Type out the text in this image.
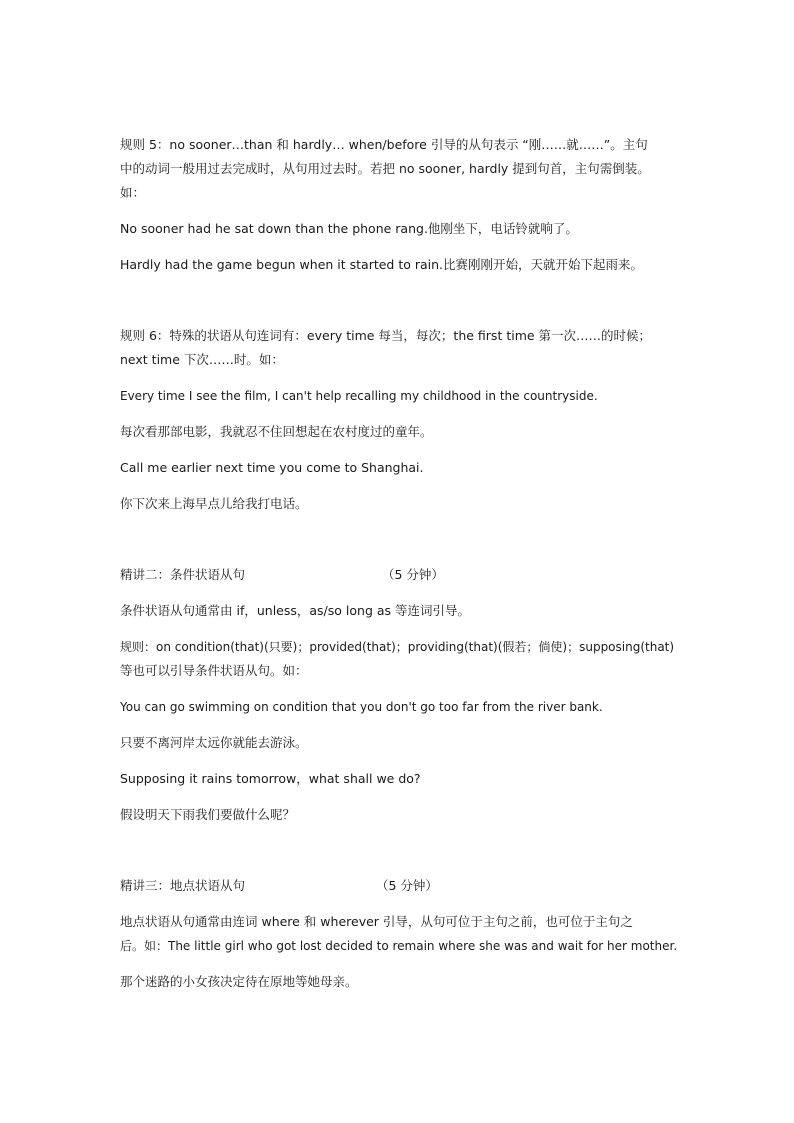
规则 5：no sooner…than 和 hardly… when/before 引导的从句表示 “刚……就……”。主句

中的动词一般用过去完成时，从句用过去时。若把 no sooner, hardly 提到句首，主句需倒装。

如：

No sooner had he sat down than the phone rang.他刚坐下，电话铃就响了。

Hardly had the game begun when it started to rain.比赛刚刚开始，天就开始下起雨来。

规则 6：特殊的状语从句连词有：every time 每当，每次；the first time 第一次……的时候；

next time 下次……时。如：

Every time I see the film, I can't help recalling my childhood in the countryside.

每次看那部电影，我就忍不住回想起在农村度过的童年。

Call me earlier next time you come to Shanghai.

你下次来上海早点儿给我打电话。

精讲二：条件状语从句	（5 分钟）

条件状语从句通常由 if，unless，as/so long as 等连词引导。

规则：on condition(that)(只要)；provided(that)；providing(that)(假若；倘使)；supposing(that)

等也可以引导条件状语从句。如：

You can go swimming on condition that you don't go too far from the river bank.

只要不离河岸太远你就能去游泳。

Supposing it rains tomorrow，what shall we do?

假设明天下雨我们要做什么呢？

精讲三：地点状语从句	（5 分钟）

地点状语从句通常由连词 where 和 wherever 引导，从句可位于主句之前，也可位于主句之

后。如：The little girl who got lost decided to remain where she was and wait for her mother.

那个迷路的小女孩决定待在原地等她母亲。
